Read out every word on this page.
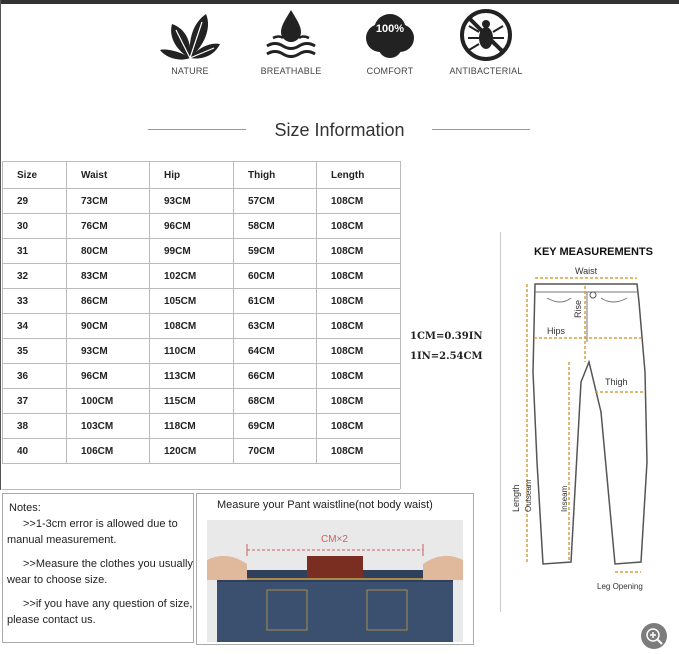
NATURE	BREATHABLE
100%
COMFORT	ANTIBACTERIAL
Size Information
Size	Waist	Hip	Thigh	Length
29	73CM	93CM	57CM	108CM
30	76CM	96CM	58CM	108CM
31	80CM	99CM	59CM	108CM
32	83CM	102CM	60CM	108CM
33	86CM	105CM	61CM	108CM
34	90CM	108CM	63CM	108CM
35	93CM	110CM	64CM	108CM
36	96CM	113CM	66CM	108CM
37	100CM	115CM	68CM	108CM
38	103CM	118CM	69CM	108CM
40	106CM	120CM	70CM	108CM
1CM=0.39IN
1IN=2.54CM
KEY MEASUREMENTS
Waist
Rise
Hips
Thigh
Length Outseam	Inseam
Leg Opening

Notes:

>>1-3cm error is allowed due to manual measurement.

>>Measure the clothes you usually wear to choose size.

>>if you have any question of size, please contact us.

Measure your Pant waistline(not body waist)
CM×2
